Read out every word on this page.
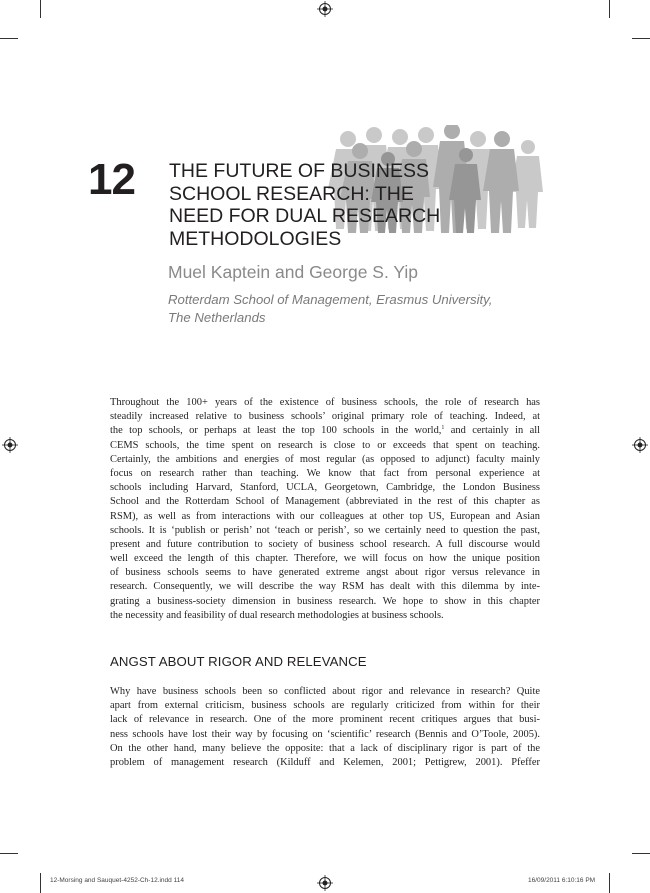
12 THE FUTURE OF BUSINESS
SCHOOL RESEARCH: THE
NEED FOR DUAL RESEARCH
METHODOLOGIES
Muel Kaptein and George S. Yip
Rotterdam School of Management, Erasmus University,
The Netherlands
Throughout the 100+ years of the existence of business schools, the role of research has
steadily increased relative to business schools’ original primary role of teaching. Indeed, at
the top schools, or perhaps at least the top 100 schools in the world,$^1$ and certainly in all
CEMS schools, the time spent on research is close to or exceeds that spent on teaching.
Certainly, the ambitions and energies of most regular (as opposed to adjunct) faculty mainly
focus on research rather than teaching. We know that fact from personal experience at
schools including Harvard, Stanford, UCLA, Georgetown, Cambridge, the London Business
School and the Rotterdam School of Management (abbreviated in the rest of this chapter as
RSM), as well as from interactions with our colleagues at other top US, European and Asian
schools. It is ‘publish or perish’ not ‘teach or perish’, so we certainly need to question the past,
present and future contribution to society of business school research. A full discourse would
well exceed the length of this chapter. Therefore, we will focus on how the unique position
of business schools seems to have generated extreme angst about rigor versus relevance in
research. Consequently, we will describe the way RSM has dealt with this dilemma by inte-
grating a business-society dimension in business research. We hope to show in this chapter
the necessity and feasibility of dual research methodologies at business schools.
ANGST ABOUT RIGOR AND RELEVANCE
Why have business schools been so conflicted about rigor and relevance in research? Quite
apart from external criticism, business schools are regularly criticized from within for their
lack of relevance in research. One of the more prominent recent critiques argues that busi-
ness schools have lost their way by focusing on ‘scientific’ research (Bennis and O’Toole, 2005).
On the other hand, many believe the opposite: that a lack of disciplinary rigor is part of the
problem of management research (Kilduff and Kelemen, 2001; Pettigrew, 2001). Pfeffer
12-Morsing and Sauquet-4252-Ch-12.indd 114	16/09/2011 6:10:16 PM
